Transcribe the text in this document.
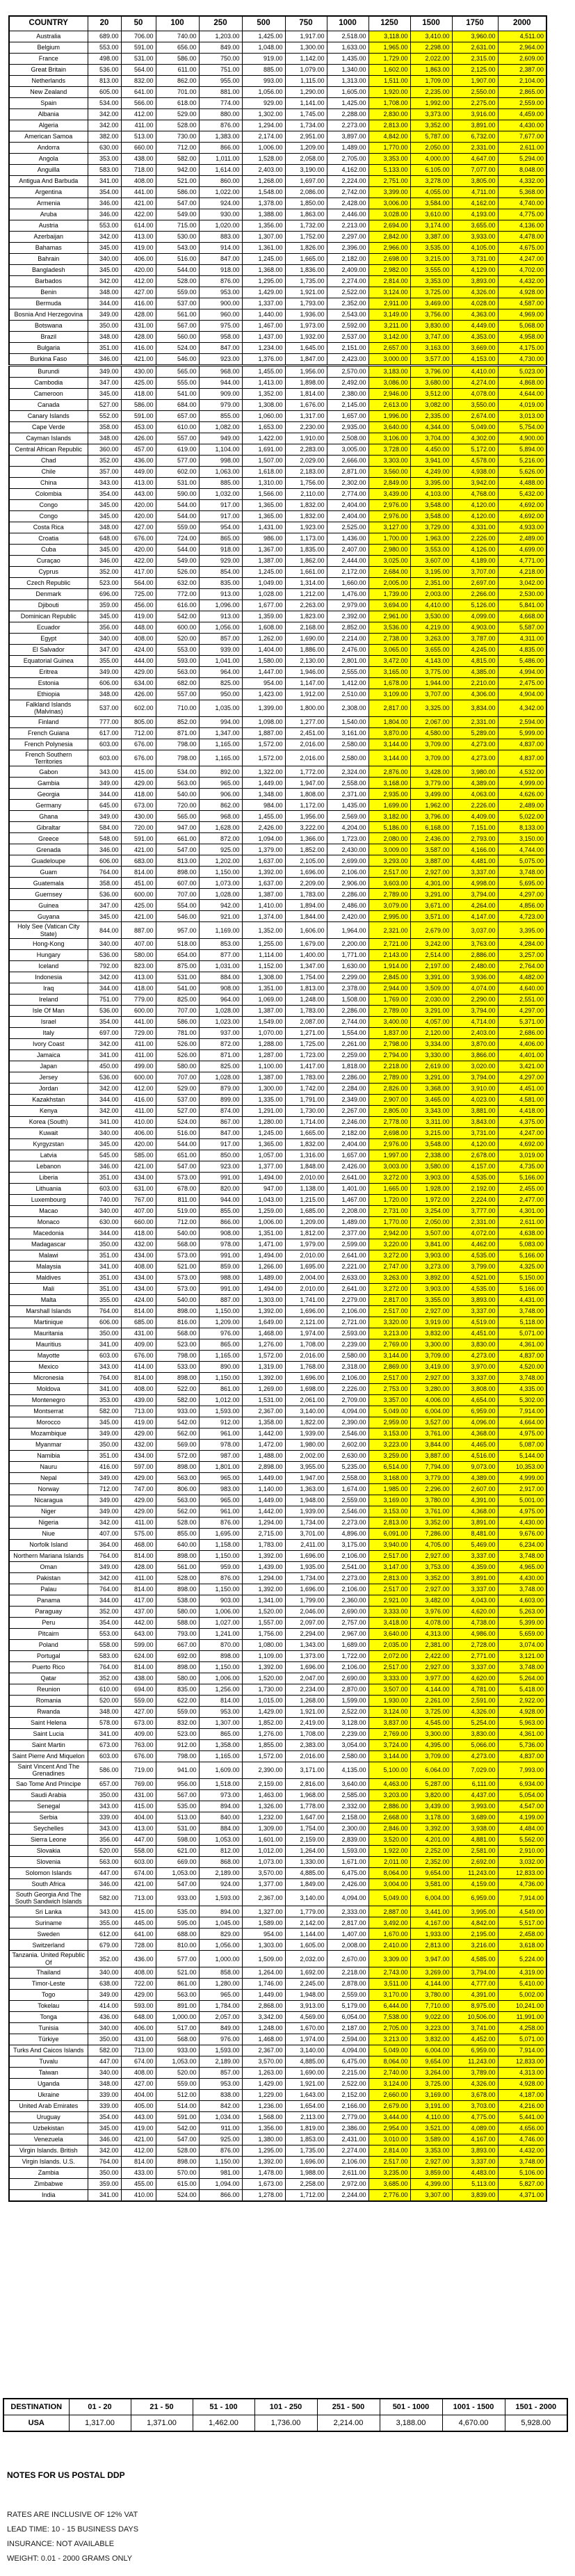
COUNTRY	20	50	100	250	500	750	1000	1250	1500	1750	2000
Australia	689.00	706.00	740.00	1,203.00	1,425.00	1,917.00	2,518.00	3,118.00	3,410.00	3,960.00	4,511.00
Belgium	553.00	591.00	656.00	849.00	1,048.00	1,300.00	1,633.00	1,965.00	2,298.00	2,631.00	2,964.00
France	498.00	531.00	586.00	750.00	919.00	1,142.00	1,435.00	1,729.00	2,022.00	2,315.00	2,609.00
Great Britain	536.00	564.00	611.00	751.00	885.00	1,079.00	1,340.00	1,602.00	1,863.00	2,125.00	2,387.00
Netherlands	813.00	832.00	862.00	955.00	993.00	1,115.00	1,313.00	1,511.00	1,709.00	1,907.00	2,104.00
New Zealand	605.00	641.00	701.00	881.00	1,056.00	1,290.00	1,605.00	1,920.00	2,235.00	2,550.00	2,865.00
Spain	534.00	566.00	618.00	774.00	929.00	1,141.00	1,425.00	1,708.00	1,992.00	2,275.00	2,559.00
Albania	342.00	412.00	529.00	880.00	1,302.00	1,745.00	2,288.00	2,830.00	3,373.00	3,916.00	4,459.00
Algeria	342.00	411.00	528.00	876.00	1,294.00	1,734.00	2,273.00	2,813.00	3,352.00	3,891.00	4,430.00
American Samoa	382.00	513.00	730.00	1,383.00	2,174.00	2,951.00	3,897.00	4,842.00	5,787.00	6,732.00	7,677.00
Andorra	630.00	660.00	712.00	866.00	1,006.00	1,209.00	1,489.00	1,770.00	2,050.00	2,331.00	2,611.00
Angola	353.00	438.00	582.00	1,011.00	1,528.00	2,058.00	2,705.00	3,353.00	4,000.00	4,647.00	5,294.00
Anguilla	583.00	718.00	942.00	1,614.00	2,403.00	3,190.00	4,162.00	5,133.00	6,105.00	7,077.00	8,048.00
Antigua And Barbuda	341.00	408.00	521.00	860.00	1,268.00	1,697.00	2,224.00	2,751.00	3,278.00	3,805.00	4,332.00
Argentina	354.00	441.00	586.00	1,022.00	1,548.00	2,086.00	2,742.00	3,399.00	4,055.00	4,711.00	5,368.00
Armenia	346.00	421.00	547.00	924.00	1,378.00	1,850.00	2,428.00	3,006.00	3,584.00	4,162.00	4,740.00
Aruba	346.00	422.00	549.00	930.00	1,388.00	1,863.00	2,446.00	3,028.00	3,610.00	4,193.00	4,775.00
Austria	553.00	614.00	715.00	1,020.00	1,356.00	1,732.00	2,213.00	2,694.00	3,174.00	3,655.00	4,136.00
Azerbaijan	342.00	413.00	530.00	883.00	1,307.00	1,752.00	2,297.00	2,842.00	3,387.00	3,933.00	4,478.00
Bahamas	345.00	419.00	543.00	914.00	1,361.00	1,826.00	2,396.00	2,966.00	3,535.00	4,105.00	4,675.00
Bahrain	340.00	406.00	516.00	847.00	1,245.00	1,665.00	2,182.00	2,698.00	3,215.00	3,731.00	4,247.00
Bangladesh	345.00	420.00	544.00	918.00	1,368.00	1,836.00	2,409.00	2,982.00	3,555.00	4,129.00	4,702.00
Barbados	342.00	412.00	528.00	876.00	1,295.00	1,735.00	2,274.00	2,814.00	3,353.00	3,893.00	4,432.00
Benin	348.00	427.00	559.00	953.00	1,429.00	1,921.00	2,522.00	3,124.00	3,725.00	4,326.00	4,928.00
Bermuda	344.00	416.00	537.00	900.00	1,337.00	1,793.00	2,352.00	2,911.00	3,469.00	4,028.00	4,587.00
Bosnia And Herzegovina	349.00	428.00	561.00	960.00	1,440.00	1,936.00	2,543.00	3,149.00	3,756.00	4,363.00	4,969.00
Botswana	350.00	431.00	567.00	975.00	1,467.00	1,973.00	2,592.00	3,211.00	3,830.00	4,449.00	5,068.00
Brazil	348.00	428.00	560.00	958.00	1,437.00	1,932.00	2,537.00	3,142.00	3,747.00	4,353.00	4,958.00
Bulgaria	351.00	416.00	524.00	847.00	1,234.00	1,645.00	2,151.00	2,657.00	3,163.00	3,669.00	4,175.00
Burkina Faso	346.00	421.00	546.00	923.00	1,376.00	1,847.00	2,423.00	3,000.00	3,577.00	4,153.00	4,730.00
Burundi	349.00	430.00	565.00	968.00	1,455.00	1,956.00	2,570.00	3,183.00	3,796.00	4,410.00	5,023.00
Cambodia	347.00	425.00	555.00	944.00	1,413.00	1,898.00	2,492.00	3,086.00	3,680.00	4,274.00	4,868.00
Cameroon	345.00	418.00	541.00	909.00	1,352.00	1,814.00	2,380.00	2,946.00	3,512.00	4,078.00	4,644.00
Canada	527.00	586.00	684.00	979.00	1,308.00	1,676.00	2,145.00	2,613.00	3,082.00	3,550.00	4,019.00
Canary Islands	552.00	591.00	657.00	855.00	1,060.00	1,317.00	1,657.00	1,996.00	2,335.00	2,674.00	3,013.00
Cape Verde	358.00	453.00	610.00	1,082.00	1,653.00	2,230.00	2,935.00	3,640.00	4,344.00	5,049.00	5,754.00
Cayman Islands	348.00	426.00	557.00	949.00	1,422.00	1,910.00	2,508.00	3,106.00	3,704.00	4,302.00	4,900.00
Central African Republic	360.00	457.00	619.00	1,104.00	1,691.00	2,283.00	3,005.00	3,728.00	4,450.00	5,172.00	5,894.00
Chad	352.00	436.00	577.00	998.00	1,507.00	2,029.00	2,666.00	3,303.00	3,941.00	4,578.00	5,216.00
Chile	357.00	449.00	602.00	1,063.00	1,618.00	2,183.00	2,871.00	3,560.00	4,249.00	4,938.00	5,626.00
China	343.00	413.00	531.00	885.00	1,310.00	1,756.00	2,302.00	2,849.00	3,395.00	3,942.00	4,488.00
Colombia	354.00	443.00	590.00	1,032.00	1,566.00	2,110.00	2,774.00	3,439.00	4,103.00	4,768.00	5,432.00
Congo	345.00	420.00	544.00	917.00	1,365.00	1,832.00	2,404.00	2,976.00	3,548.00	4,120.00	4,692.00
Congo	345.00	420.00	544.00	917.00	1,365.00	1,832.00	2,404.00	2,976.00	3,548.00	4,120.00	4,692.00
Costa Rica	348.00	427.00	559.00	954.00	1,431.00	1,923.00	2,525.00	3,127.00	3,729.00	4,331.00	4,933.00
Croatia	648.00	676.00	724.00	865.00	986.00	1,173.00	1,436.00	1,700.00	1,963.00	2,226.00	2,489.00
Cuba	345.00	420.00	544.00	918.00	1,367.00	1,835.00	2,407.00	2,980.00	3,553.00	4,126.00	4,699.00
Curaçao	346.00	422.00	549.00	929.00	1,387.00	1,862.00	2,444.00	3,025.00	3,607.00	4,189.00	4,771.00
Cyprus	352.00	417.00	526.00	854.00	1,245.00	1,661.00	2,172.00	2,684.00	3,195.00	3,707.00	4,218.00
Czech Republic	523.00	564.00	632.00	835.00	1,049.00	1,314.00	1,660.00	2,005.00	2,351.00	2,697.00	3,042.00
Denmark	696.00	725.00	772.00	913.00	1,028.00	1,212.00	1,476.00	1,739.00	2,003.00	2,266.00	2,530.00
Djibouti	359.00	456.00	616.00	1,096.00	1,677.00	2,263.00	2,979.00	3,694.00	4,410.00	5,126.00	5,841.00
Dominican Republic	345.00	419.00	542.00	913.00	1,359.00	1,823.00	2,392.00	2,961.00	3,530.00	4,099.00	4,668.00
Ecuador	356.00	448.00	600.00	1,056.00	1,608.00	2,168.00	2,852.00	3,536.00	4,219.00	4,903.00	5,587.00
Egypt	340.00	408.00	520.00	857.00	1,262.00	1,690.00	2,214.00	2,738.00	3,263.00	3,787.00	4,311.00
El Salvador	347.00	424.00	553.00	939.00	1,404.00	1,886.00	2,476.00	3,065.00	3,655.00	4,245.00	4,835.00
Equatorial Guinea	355.00	444.00	593.00	1,041.00	1,580.00	2,130.00	2,801.00	3,472.00	4,143.00	4,815.00	5,486.00
Eritrea	349.00	429.00	563.00	964.00	1,447.00	1,946.00	2,555.00	3,165.00	3,775.00	4,385.00	4,994.00
Estonia	606.00	634.00	682.00	825.00	954.00	1,147.00	1,412.00	1,678.00	1,944.00	2,210.00	2,475.00
Ethiopia	348.00	426.00	557.00	950.00	1,423.00	1,912.00	2,510.00	3,109.00	3,707.00	4,306.00	4,904.00
Falkland Islands (Malvinas)	537.00	602.00	710.00	1,035.00	1,399.00	1,800.00	2,308.00	2,817.00	3,325.00	3,834.00	4,342.00
Finland	777.00	805.00	852.00	994.00	1,098.00	1,277.00	1,540.00	1,804.00	2,067.00	2,331.00	2,594.00
French Guiana	617.00	712.00	871.00	1,347.00	1,887.00	2,451.00	3,161.00	3,870.00	4,580.00	5,289.00	5,999.00
French Polynesia	603.00	676.00	798.00	1,165.00	1,572.00	2,016.00	2,580.00	3,144.00	3,709.00	4,273.00	4,837.00
French Southern Territories	603.00	676.00	798.00	1,165.00	1,572.00	2,016.00	2,580.00	3,144.00	3,709.00	4,273.00	4,837.00
Gabon	343.00	415.00	534.00	892.00	1,322.00	1,772.00	2,324.00	2,876.00	3,428.00	3,980.00	4,532.00
Gambia	349.00	429.00	563.00	965.00	1,449.00	1,947.00	2,558.00	3,168.00	3,779.00	4,389.00	4,999.00
Georgia	344.00	418.00	540.00	906.00	1,348.00	1,808.00	2,371.00	2,935.00	3,499.00	4,063.00	4,626.00
Germany	645.00	673.00	720.00	862.00	984.00	1,172.00	1,435.00	1,699.00	1,962.00	2,226.00	2,489.00
Ghana	349.00	430.00	565.00	968.00	1,455.00	1,956.00	2,569.00	3,182.00	3,796.00	4,409.00	5,022.00
Gibraltar	584.00	720.00	947.00	1,628.00	2,426.00	3,222.00	4,204.00	5,186.00	6,168.00	7,151.00	8,133.00
Greece	548.00	591.00	661.00	872.00	1,094.00	1,366.00	1,723.00	2,080.00	2,436.00	2,793.00	3,150.00
Grenada	346.00	421.00	547.00	925.00	1,379.00	1,852.00	2,430.00	3,009.00	3,587.00	4,166.00	4,744.00
Guadeloupe	606.00	683.00	813.00	1,202.00	1,637.00	2,105.00	2,699.00	3,293.00	3,887.00	4,481.00	5,075.00
Guam	764.00	814.00	898.00	1,150.00	1,392.00	1,696.00	2,106.00	2,517.00	2,927.00	3,337.00	3,748.00
Guatemala	358.00	451.00	607.00	1,073.00	1,637.00	2,209.00	2,906.00	3,603.00	4,301.00	4,998.00	5,695.00
Guernsey	536.00	600.00	707.00	1,028.00	1,387.00	1,783.00	2,286.00	2,789.00	3,291.00	3,794.00	4,297.00
Guinea	347.00	425.00	554.00	942.00	1,410.00	1,894.00	2,486.00	3,079.00	3,671.00	4,264.00	4,856.00
Guyana	345.00	421.00	546.00	921.00	1,374.00	1,844.00	2,420.00	2,995.00	3,571.00	4,147.00	4,723.00
Holy See (Vatican City State)	844.00	887.00	957.00	1,169.00	1,352.00	1,606.00	1,964.00	2,321.00	2,679.00	3,037.00	3,395.00
Hong-Kong	340.00	407.00	518.00	853.00	1,255.00	1,679.00	2,200.00	2,721.00	3,242.00	3,763.00	4,284.00
Hungary	536.00	580.00	654.00	877.00	1,114.00	1,400.00	1,771.00	2,143.00	2,514.00	2,886.00	3,257.00
Iceland	792.00	823.00	875.00	1,031.00	1,152.00	1,347.00	1,630.00	1,914.00	2,197.00	2,480.00	2,764.00
Indonesia	342.00	413.00	531.00	884.00	1,308.00	1,754.00	2,299.00	2,845.00	3,391.00	3,936.00	4,482.00
Iraq	344.00	418.00	541.00	908.00	1,351.00	1,813.00	2,378.00	2,944.00	3,509.00	4,074.00	4,640.00
Ireland	751.00	779.00	825.00	964.00	1,069.00	1,248.00	1,508.00	1,769.00	2,030.00	2,290.00	2,551.00
Isle Of Man	536.00	600.00	707.00	1,028.00	1,387.00	1,783.00	2,286.00	2,789.00	3,291.00	3,794.00	4,297.00
Israel	354.00	441.00	586.00	1,023.00	1,549.00	2,087.00	2,744.00	3,400.00	4,057.00	4,714.00	5,371.00
Italy	697.00	729.00	781.00	937.00	1,070.00	1,271.00	1,554.00	1,837.00	2,120.00	2,403.00	2,686.00
Ivory Coast	342.00	411.00	526.00	872.00	1,288.00	1,725.00	2,261.00	2,798.00	3,334.00	3,870.00	4,406.00
Jamaica	341.00	411.00	526.00	871.00	1,287.00	1,723.00	2,259.00	2,794.00	3,330.00	3,866.00	4,401.00
Japan	450.00	499.00	580.00	825.00	1,100.00	1,417.00	1,818.00	2,218.00	2,619.00	3,020.00	3,421.00
Jersey	536.00	600.00	707.00	1,028.00	1,387.00	1,783.00	2,286.00	2,789.00	3,291.00	3,794.00	4,297.00
Jordan	342.00	412.00	529.00	879.00	1,300.00	1,742.00	2,284.00	2,826.00	3,368.00	3,910.00	4,451.00
Kazakhstan	344.00	416.00	537.00	899.00	1,335.00	1,791.00	2,349.00	2,907.00	3,465.00	4,023.00	4,581.00
Kenya	342.00	411.00	527.00	874.00	1,291.00	1,730.00	2,267.00	2,805.00	3,343.00	3,881.00	4,418.00
Korea (South)	341.00	410.00	524.00	867.00	1,280.00	1,714.00	2,246.00	2,778.00	3,311.00	3,843.00	4,375.00
Kuwait	340.00	406.00	516.00	847.00	1,245.00	1,665.00	2,182.00	2,698.00	3,215.00	3,731.00	4,247.00
Kyrgyzstan	345.00	420.00	544.00	917.00	1,365.00	1,832.00	2,404.00	2,976.00	3,548.00	4,120.00	4,692.00
Latvia	545.00	585.00	651.00	850.00	1,057.00	1,316.00	1,657.00	1,997.00	2,338.00	2,678.00	3,019.00
Lebanon	346.00	421.00	547.00	923.00	1,377.00	1,848.00	2,426.00	3,003.00	3,580.00	4,157.00	4,735.00
Liberia	351.00	434.00	573.00	991.00	1,494.00	2,010.00	2,641.00	3,272.00	3,903.00	4,535.00	5,166.00
Lithuania	603.00	631.00	678.00	820.00	947.00	1,138.00	1,401.00	1,665.00	1,928.00	2,192.00	2,455.00
Luxembourg	740.00	767.00	811.00	944.00	1,043.00	1,215.00	1,467.00	1,720.00	1,972.00	2,224.00	2,477.00
Macao	340.00	407.00	519.00	855.00	1,259.00	1,685.00	2,208.00	2,731.00	3,254.00	3,777.00	4,301.00
Monaco	630.00	660.00	712.00	866.00	1,006.00	1,209.00	1,489.00	1,770.00	2,050.00	2,331.00	2,611.00
Macedonia	344.00	418.00	540.00	908.00	1,351.00	1,812.00	2,377.00	2,942.00	3,507.00	4,072.00	4,638.00
Madagascar	350.00	432.00	568.00	978.00	1,471.00	1,979.00	2,599.00	3,220.00	3,841.00	4,462.00	5,083.00
Malawi	351.00	434.00	573.00	991.00	1,494.00	2,010.00	2,641.00	3,272.00	3,903.00	4,535.00	5,166.00
Malaysia	341.00	408.00	521.00	859.00	1,266.00	1,695.00	2,221.00	2,747.00	3,273.00	3,799.00	4,325.00
Maldives	351.00	434.00	573.00	988.00	1,489.00	2,004.00	2,633.00	3,263.00	3,892.00	4,521.00	5,150.00
Mali	351.00	434.00	573.00	991.00	1,494.00	2,010.00	2,641.00	3,272.00	3,903.00	4,535.00	5,166.00
Malta	355.00	424.00	540.00	887.00	1,303.00	1,741.00	2,279.00	2,817.00	3,355.00	3,893.00	4,431.00
Marshall Islands	764.00	814.00	898.00	1,150.00	1,392.00	1,696.00	2,106.00	2,517.00	2,927.00	3,337.00	3,748.00
Martinique	606.00	685.00	816.00	1,209.00	1,649.00	2,121.00	2,721.00	3,320.00	3,919.00	4,519.00	5,118.00
Mauritania	350.00	431.00	568.00	976.00	1,468.00	1,974.00	2,593.00	3,213.00	3,832.00	4,451.00	5,071.00
Mauritius	341.00	409.00	523.00	865.00	1,276.00	1,708.00	2,239.00	2,769.00	3,300.00	3,830.00	4,361.00
Mayotte	603.00	676.00	798.00	1,165.00	1,572.00	2,016.00	2,580.00	3,144.00	3,709.00	4,273.00	4,837.00
Mexico	343.00	414.00	533.00	890.00	1,319.00	1,768.00	2,318.00	2,869.00	3,419.00	3,970.00	4,520.00
Micronesia	764.00	814.00	898.00	1,150.00	1,392.00	1,696.00	2,106.00	2,517.00	2,927.00	3,337.00	3,748.00
Moldova	341.00	408.00	522.00	861.00	1,269.00	1,698.00	2,226.00	2,753.00	3,280.00	3,808.00	4,335.00
Montenegro	353.00	439.00	582.00	1,012.00	1,531.00	2,061.00	2,709.00	3,357.00	4,006.00	4,654.00	5,302.00
Montserrat	582.00	713.00	933.00	1,593.00	2,367.00	3,140.00	4,094.00	5,049.00	6,004.00	6,959.00	7,914.00
Morocco	345.00	419.00	542.00	912.00	1,358.00	1,822.00	2,390.00	2,959.00	3,527.00	4,096.00	4,664.00
Mozambique	349.00	429.00	562.00	961.00	1,442.00	1,939.00	2,546.00	3,153.00	3,761.00	4,368.00	4,975.00
Myanmar	350.00	432.00	569.00	978.00	1,472.00	1,980.00	2,602.00	3,223.00	3,844.00	4,465.00	5,087.00
Namibia	351.00	434.00	572.00	987.00	1,488.00	2,002.00	2,630.00	3,259.00	3,887.00	4,516.00	5,144.00
Nauru	416.00	597.00	898.00	1,801.00	2,898.00	3,955.00	5,235.00	6,514.00	7,794.00	9,073.00	10,353.00
Nepal	349.00	429.00	563.00	965.00	1,449.00	1,947.00	2,558.00	3,168.00	3,779.00	4,389.00	4,999.00
Norway	712.00	747.00	806.00	983.00	1,140.00	1,363.00	1,674.00	1,985.00	2,296.00	2,607.00	2,917.00
Nicaragua	349.00	429.00	563.00	965.00	1,449.00	1,948.00	2,559.00	3,169.00	3,780.00	4,391.00	5,001.00
Niger	349.00	429.00	562.00	961.00	1,442.00	1,939.00	2,546.00	3,153.00	3,761.00	4,368.00	4,975.00
Nigeria	342.00	411.00	528.00	876.00	1,294.00	1,734.00	2,273.00	2,813.00	3,352.00	3,891.00	4,430.00
Niue	407.00	575.00	855.00	1,695.00	2,715.00	3,701.00	4,896.00	6,091.00	7,286.00	8,481.00	9,676.00
Norfolk Island	364.00	468.00	640.00	1,158.00	1,783.00	2,411.00	3,175.00	3,940.00	4,705.00	5,469.00	6,234.00
Northern Mariana Islands	764.00	814.00	898.00	1,150.00	1,392.00	1,696.00	2,106.00	2,517.00	2,927.00	3,337.00	3,748.00
Oman	349.00	428.00	561.00	959.00	1,439.00	1,935.00	2,541.00	3,147.00	3,753.00	4,359.00	4,965.00
Pakistan	342.00	411.00	528.00	876.00	1,294.00	1,734.00	2,273.00	2,813.00	3,352.00	3,891.00	4,430.00
Palau	764.00	814.00	898.00	1,150.00	1,392.00	1,696.00	2,106.00	2,517.00	2,927.00	3,337.00	3,748.00
Panama	344.00	417.00	538.00	903.00	1,341.00	1,799.00	2,360.00	2,921.00	3,482.00	4,043.00	4,603.00
Paraguay	352.00	437.00	580.00	1,006.00	1,520.00	2,046.00	2,690.00	3,333.00	3,976.00	4,620.00	5,263.00
Peru	354.00	442.00	588.00	1,027.00	1,557.00	2,097.00	2,757.00	3,418.00	4,078.00	4,738.00	5,399.00
Pitcairn	553.00	643.00	793.00	1,241.00	1,756.00	2,294.00	2,967.00	3,640.00	4,313.00	4,986.00	5,659.00
Poland	558.00	599.00	667.00	870.00	1,080.00	1,343.00	1,689.00	2,035.00	2,381.00	2,728.00	3,074.00
Portugal	583.00	624.00	692.00	898.00	1,109.00	1,373.00	1,722.00	2,072.00	2,422.00	2,771.00	3,121.00
Puerto Rico	764.00	814.00	898.00	1,150.00	1,392.00	1,696.00	2,106.00	2,517.00	2,927.00	3,337.00	3,748.00
Qatar	352.00	438.00	580.00	1,006.00	1,520.00	2,047.00	2,690.00	3,333.00	3,977.00	4,620.00	5,264.00
Reunion	610.00	694.00	835.00	1,256.00	1,730.00	2,234.00	2,870.00	3,507.00	4,144.00	4,781.00	5,418.00
Romania	520.00	559.00	622.00	814.00	1,015.00	1,268.00	1,599.00	1,930.00	2,261.00	2,591.00	2,922.00
Rwanda	348.00	427.00	559.00	953.00	1,429.00	1,921.00	2,522.00	3,124.00	3,725.00	4,326.00	4,928.00
Saint Helena	578.00	673.00	832.00	1,307.00	1,852.00	2,419.00	3,128.00	3,837.00	4,545.00	5,254.00	5,963.00
Saint Lucia	341.00	409.00	523.00	865.00	1,276.00	1,708.00	2,239.00	2,769.00	3,300.00	3,830.00	4,361.00
Saint Martin	673.00	763.00	912.00	1,358.00	1,855.00	2,383.00	3,054.00	3,724.00	4,395.00	5,066.00	5,736.00
Saint Pierre And Miquelon	603.00	676.00	798.00	1,165.00	1,572.00	2,016.00	2,580.00	3,144.00	3,709.00	4,273.00	4,837.00
Saint Vincent And The Grenadines	586.00	719.00	941.00	1,609.00	2,390.00	3,171.00	4,135.00	5,100.00	6,064.00	7,029.00	7,993.00
Sao Tome And Principe	657.00	769.00	956.00	1,518.00	2,159.00	2,816.00	3,640.00	4,463.00	5,287.00	6,111.00	6,934.00
Saudi Arabia	350.00	431.00	567.00	973.00	1,463.00	1,968.00	2,585.00	3,203.00	3,820.00	4,437.00	5,054.00
Senegal	343.00	415.00	535.00	894.00	1,326.00	1,778.00	2,332.00	2,886.00	3,439.00	3,993.00	4,547.00
Serbia	339.00	404.00	513.00	840.00	1,232.00	1,647.00	2,158.00	2,668.00	3,178.00	3,689.00	4,199.00
Seychelles	343.00	413.00	531.00	884.00	1,309.00	1,754.00	2,300.00	2,846.00	3,392.00	3,938.00	4,484.00
Sierra Leone	356.00	447.00	598.00	1,053.00	1,601.00	2,159.00	2,839.00	3,520.00	4,201.00	4,881.00	5,562.00
Slovakia	520.00	558.00	621.00	812.00	1,012.00	1,264.00	1,593.00	1,922.00	2,252.00	2,581.00	2,910.00
Slovenia	563.00	603.00	669.00	868.00	1,073.00	1,330.00	1,671.00	2,011.00	2,352.00	2,692.00	3,032.00
Solomon Islands	447.00	674.00	1,053.00	2,189.00	3,570.00	4,885.00	6,475.00	8,064.00	9,654.00	11,243.00	12,833.00
South Africa	346.00	421.00	547.00	924.00	1,377.00	1,849.00	2,426.00	3,004.00	3,581.00	4,159.00	4,736.00
South Georgia And The South Sandwich Islands	582.00	713.00	933.00	1,593.00	2,367.00	3,140.00	4,094.00	5,049.00	6,004.00	6,959.00	7,914.00
Sri Lanka	343.00	415.00	535.00	894.00	1,327.00	1,779.00	2,333.00	2,887.00	3,441.00	3,995.00	4,549.00
Suriname	355.00	445.00	595.00	1,045.00	1,589.00	2,142.00	2,817.00	3,492.00	4,167.00	4,842.00	5,517.00
Sweden	612.00	641.00	688.00	829.00	954.00	1,144.00	1,407.00	1,670.00	1,933.00	2,195.00	2,458.00
Switzerland	679.00	728.00	810.00	1,056.00	1,303.00	1,605.00	2,008.00	2,410.00	2,813.00	3,216.00	3,618.00
Tanzania. United Republic Of	352.00	436.00	577.00	1,000.00	1,509.00	2,032.00	2,670.00	3,309.00	3,947.00	4,585.00	5,224.00
Thailand	340.00	408.00	521.00	858.00	1,264.00	1,692.00	2,218.00	2,743.00	3,269.00	3,794.00	4,319.00
Timor-Leste	638.00	722.00	861.00	1,280.00	1,746.00	2,245.00	2,878.00	3,511.00	4,144.00	4,777.00	5,410.00
Togo	349.00	429.00	563.00	965.00	1,449.00	1,948.00	2,559.00	3,170.00	3,780.00	4,391.00	5,002.00
Tokelau	414.00	593.00	891.00	1,784.00	2,868.00	3,913.00	5,179.00	6,444.00	7,710.00	8,975.00	10,241.00
Tonga	436.00	648.00	1,000.00	2,057.00	3,342.00	4,569.00	6,054.00	7,538.00	9,022.00	10,506.00	11,991.00
Tunisia	340.00	406.00	517.00	849.00	1,248.00	1,670.00	2,187.00	2,705.00	3,223.00	3,741.00	4,258.00
Türkiye	350.00	431.00	568.00	976.00	1,468.00	1,974.00	2,594.00	3,213.00	3,832.00	4,452.00	5,071.00
Turks And Caicos Islands	582.00	713.00	933.00	1,593.00	2,367.00	3,140.00	4,094.00	5,049.00	6,004.00	6,959.00	7,914.00
Tuvalu	447.00	674.00	1,053.00	2,189.00	3,570.00	4,885.00	6,475.00	8,064.00	9,654.00	11,243.00	12,833.00
Taiwan	340.00	408.00	520.00	857.00	1,263.00	1,690.00	2,215.00	2,740.00	3,264.00	3,789.00	4,313.00
Uganda	348.00	427.00	559.00	953.00	1,429.00	1,921.00	2,522.00	3,124.00	3,725.00	4,326.00	4,928.00
Ukraine	339.00	404.00	512.00	838.00	1,229.00	1,643.00	2,152.00	2,660.00	3,169.00	3,678.00	4,187.00
United Arab Emirates	339.00	405.00	514.00	842.00	1,236.00	1,654.00	2,166.00	2,679.00	3,191.00	3,703.00	4,216.00
Uruguay	354.00	443.00	591.00	1,034.00	1,568.00	2,113.00	2,779.00	3,444.00	4,110.00	4,775.00	5,441.00
Uzbekistan	345.00	419.00	542.00	911.00	1,356.00	1,819.00	2,386.00	2,954.00	3,521.00	4,089.00	4,656.00
Venezuela	346.00	421.00	547.00	925.00	1,380.00	1,853.00	2,431.00	3,010.00	3,589.00	4,167.00	4,746.00
Virgin Islands. British	342.00	412.00	528.00	876.00	1,295.00	1,735.00	2,274.00	2,814.00	3,353.00	3,893.00	4,432.00
Virgin Islands. U.S.	764.00	814.00	898.00	1,150.00	1,392.00	1,696.00	2,106.00	2,517.00	2,927.00	3,337.00	3,748.00
Zambia	350.00	433.00	570.00	981.00	1,478.00	1,988.00	2,611.00	3,235.00	3,859.00	4,483.00	5,106.00
Zimbabwe	359.00	455.00	615.00	1,094.00	1,673.00	2,258.00	2,972.00	3,685.00	4,399.00	5,113.00	5,827.00
India	341.00	410.00	524.00	866.00	1,278.00	1,712.00	2,244.00	2,776.00	3,307.00	3,839.00	4,371.00
DESTINATION	01 - 20	21 - 50	51 - 100	101 - 250	251 - 500	501 - 1000	1001 - 1500	1501 - 2000
USA	1,317.00	1,371.00	1,462.00	1,736.00	2,214.00	3,188.00	4,670.00	5,928.00

NOTES FOR US POSTAL DDP

RATES ARE INCLUSIVE OF 12% VAT

LEAD TIME: 10 - 15 BUSINESS DAYS

INSURANCE: NOT AVAILABLE

WEIGHT: 0.01 - 2000 GRAMS ONLY
